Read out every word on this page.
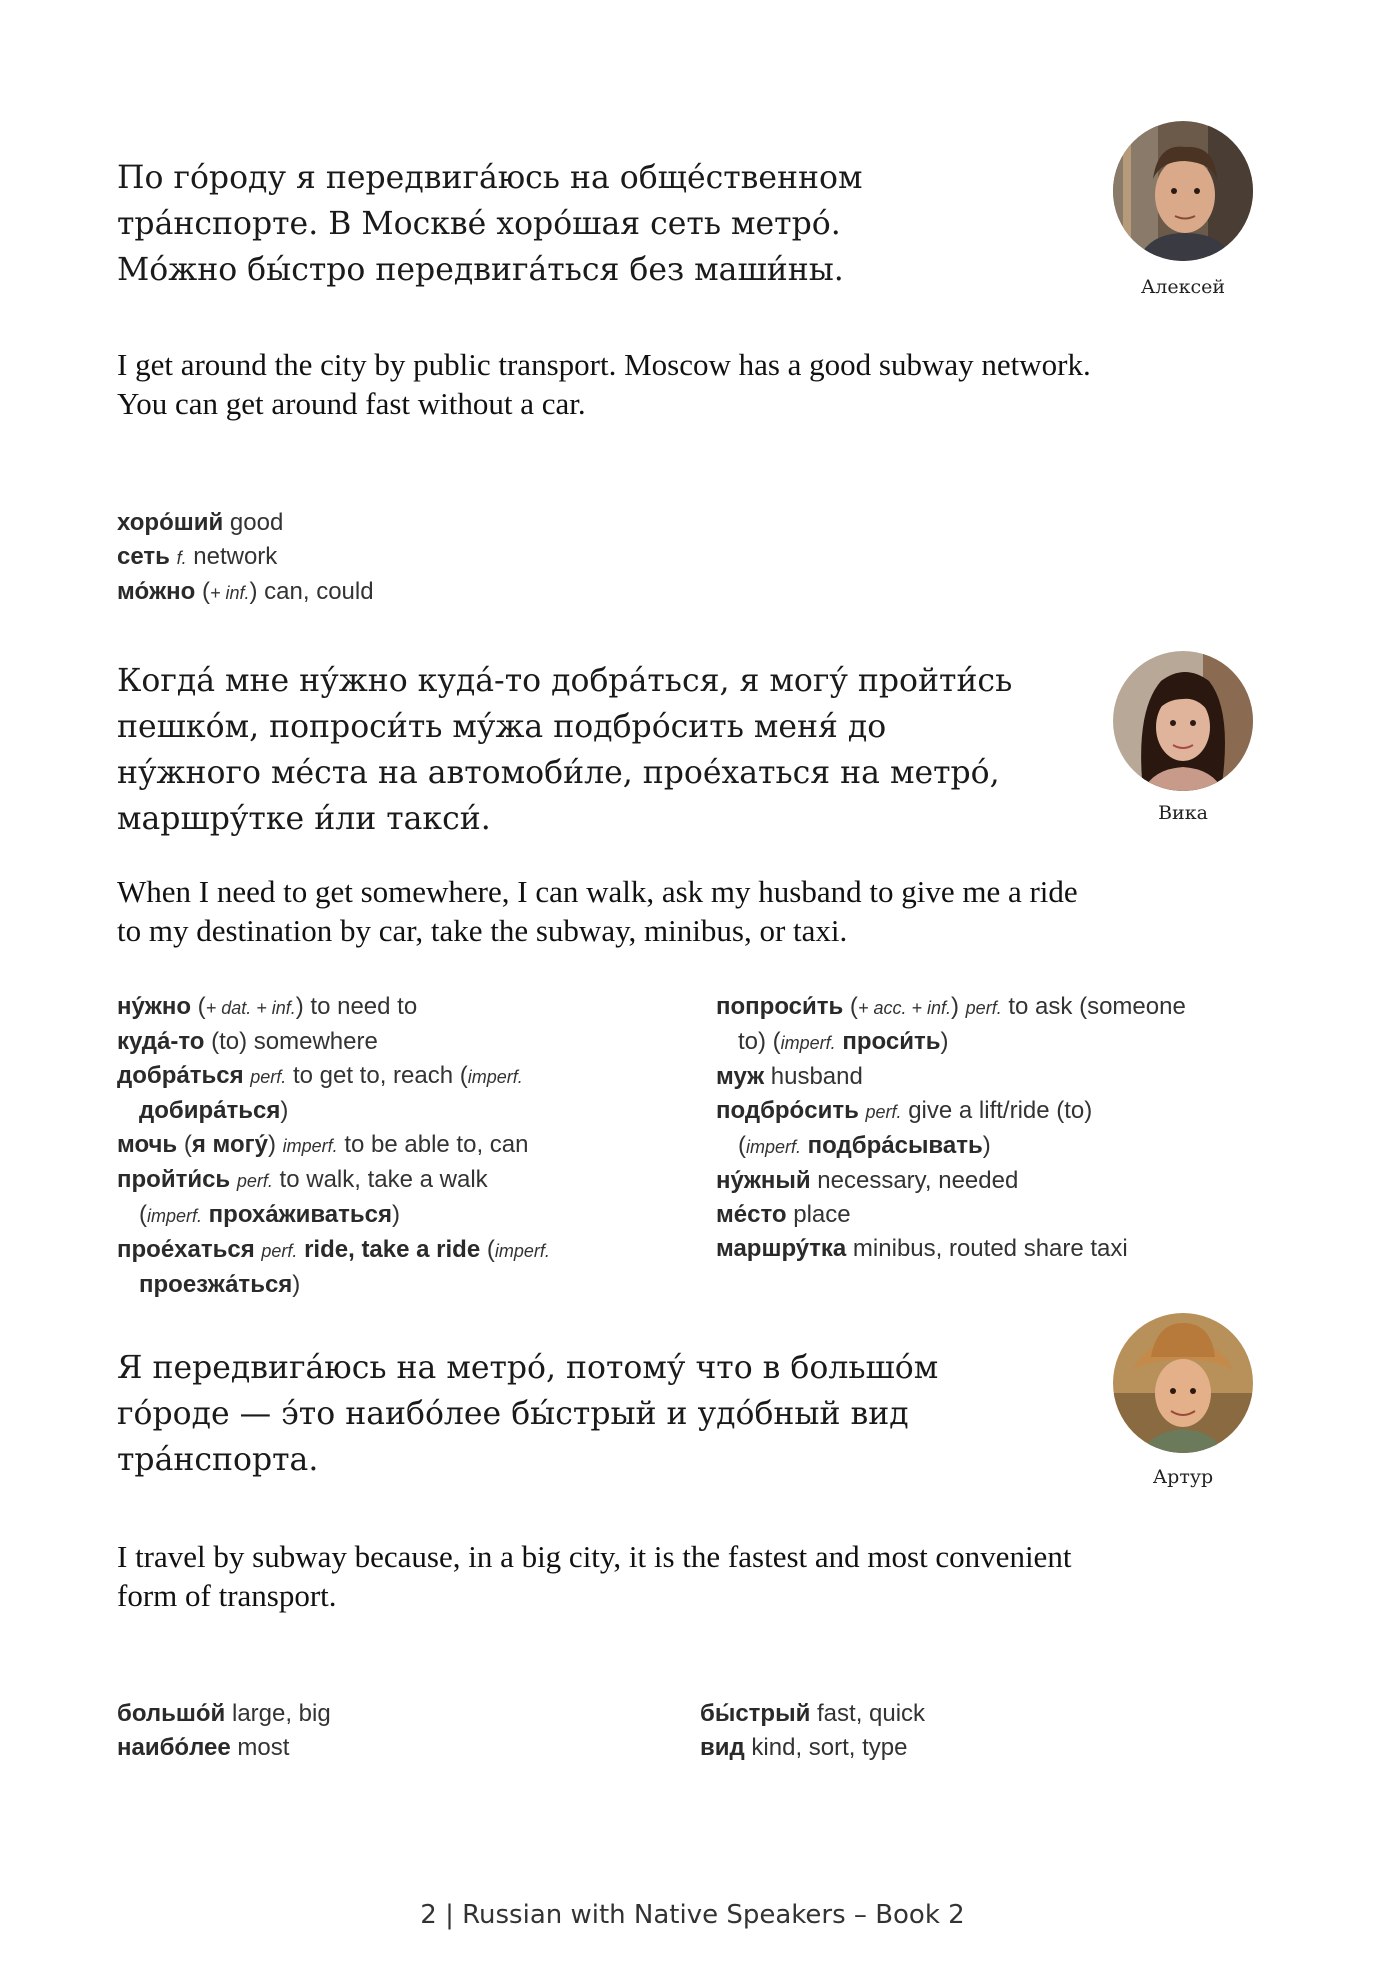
По го́роду я передвига́юсь на обще́ственном
тра́нспорте. В Москве́ хоро́шая сеть метро́.
Мо́жно бы́стро передвига́ться без маши́ны.	Алексей
I get around the city by public transport. Moscow has a good subway network.
You can get around fast without a car.
хоро́ший good
сеть f. network
мо́жно (+ inf.) can, could
Когда́ мне ну́жно куда́-то добра́ться, я могу́ пройти́сь
пешко́м, попроси́ть му́жа подбро́сить меня́ до
ну́жного ме́ста на автомоби́ле, прое́хаться на метро́,
маршру́тке и́ли такси́.	Вика
When I need to get somewhere, I can walk, ask my husband to give me a ride
to my destination by car, take the subway, minibus, or taxi.
ну́жно (+ dat. + inf.) to need to
куда́-то (to) somewhere
добра́ться perf. to get to, reach (imperf.
добира́ться)
мочь (я могу́) imperf. to be able to, can
пройти́сь perf. to walk, take a walk
(imperf. проха́живаться)
прое́хаться perf. ride, take a ride (imperf.
проезжа́ться)
попроси́ть (+ acc. + inf.) perf. to ask (someone
to) (imperf. проси́ть)
муж husband
подбро́сить perf. give a lift/ride (to)
(imperf. подбра́сывать)
ну́жный necessary, needed
ме́сто place
маршру́тка minibus, routed share taxi
Я передвига́юсь на метро́, потому́ что в большо́м
го́роде — э́то наибо́лее бы́стрый и удо́бный вид
тра́нспорта.	Артур
I travel by subway because, in a big city, it is the fastest and most convenient
form of transport.
большо́й large, big
наибо́лее most
бы́стрый fast, quick
вид kind, sort, type
2 | Russian with Native Speakers – Book 2
